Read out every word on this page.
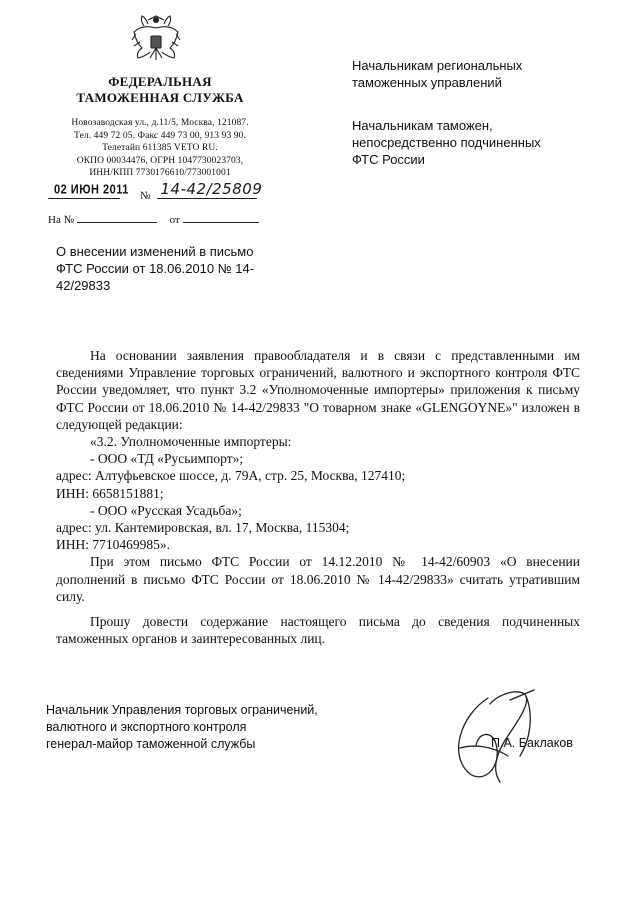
ФЕДЕРАЛЬНАЯ
ТАМОЖЕННАЯ СЛУЖБА
Новозаводская ул., д.11/5, Москва, 121087.
Тел. 449 72 05. Факс 449 73 00, 913 93 90.
Телетайп 611385 VETO RU.
ОКПО 00034476, ОГРН 1047730023703,
ИНН/КПП 7730176610/773001001
02 ИЮН 2011 № 14-42/25809
На №	от
Начальникам региональных
таможенных управлений
Начальникам таможен,
непосредственно подчиненных
ФТС России
О внесении изменений в письмо
ФТС России от 18.06.2010 № 14-
42/29833

На основании заявления правообладателя и в связи с представленными им сведениями Управление торговых ограничений, валютного и экспортного контроля ФТС России уведомляет, что пункт 3.2 «Уполномоченные импортеры» приложения к письму ФТС России от 18.06.2010 № 14-42/29833 "О товарном знаке «GLENGOYNE»" изложен в следующей редакции:

«3.2. Уполномоченные импортеры:

- ООО «ТД «Русьимпорт»;

адрес: Алтуфьевское шоссе, д. 79А, стр. 25, Москва, 127410;

ИНН: 6658151881;

- ООО «Русская Усадьба»;

адрес: ул. Кантемировская, вл. 17, Москва, 115304;

ИНН: 7710469985».

При этом письмо ФТС России от 14.12.2010 № 14-42/60903 «О внесении дополнений в письмо ФТС России от 18.06.2010 № 14-42/29833» считать утратившим силу.

Прошу довести содержание настоящего письма до сведения подчиненных таможенных органов и заинтересованных лиц.

Начальник Управления торговых ограничений,
валютного и экспортного контроля
генерал-майор таможенной службы	П.А. Баклаков
